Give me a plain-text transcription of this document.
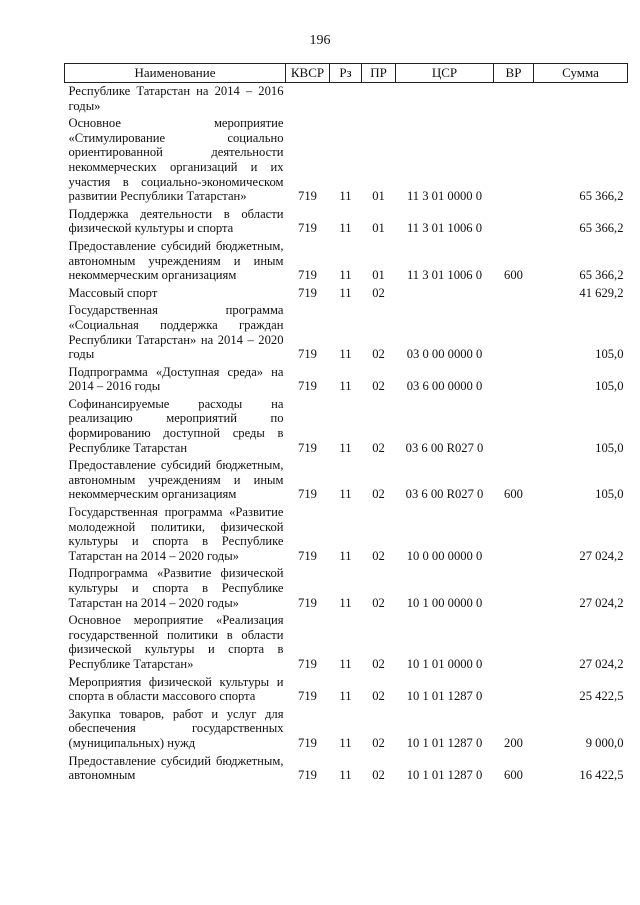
196
Наименование	КВСР	Рз	ПР	ЦСР	ВР	Сумма
Республике Татарстан на 2014 – 2016 годы»						
Основное мероприятие «Стимулирование социально ориентированной деятельности некоммерческих организаций и их участия в социально-экономическом развитии Республики Татарстан»	719	11	01	11 3 01 0000 0		65 366,2
Поддержка деятельности в области физической культуры и спорта	719	11	01	11 3 01 1006 0		65 366,2
Предоставление субсидий бюджетным, автономным учреждениям и иным некоммерческим организациям	719	11	01	11 3 01 1006 0	600	65 366,2
Массовый спорт	719	11	02			41 629,2
Государственная программа «Социальная поддержка граждан Республики Татарстан» на 2014 – 2020 годы	719	11	02	03 0 00 0000 0		105,0
Подпрограмма «Доступная среда» на 2014 – 2016 годы	719	11	02	03 6 00 0000 0		105,0
Софинансируемые расходы на реализацию мероприятий по формированию доступной среды в Республике Татарстан	719	11	02	03 6 00 R027 0		105,0
Предоставление субсидий бюджетным, автономным учреждениям и иным некоммерческим организациям	719	11	02	03 6 00 R027 0	600	105,0
Государственная программа «Развитие молодежной политики, физической культуры и спорта в Республике Татарстан на 2014 – 2020 годы»	719	11	02	10 0 00 0000 0		27 024,2
Подпрограмма «Развитие физической культуры и спорта в Республике Татарстан на 2014 – 2020 годы»	719	11	02	10 1 00 0000 0		27 024,2
Основное мероприятие «Реализация государственной политики в области физической культуры и спорта в Республике Татарстан»	719	11	02	10 1 01 0000 0		27 024,2
Мероприятия физической культуры и спорта в области массового спорта	719	11	02	10 1 01 1287 0		25 422,5
Закупка товаров, работ и услуг для обеспечения государственных (муниципальных) нужд	719	11	02	10 1 01 1287 0	200	9 000,0
Предоставление субсидий бюджетным, автономным	719	11	02	10 1 01 1287 0	600	16 422,5
